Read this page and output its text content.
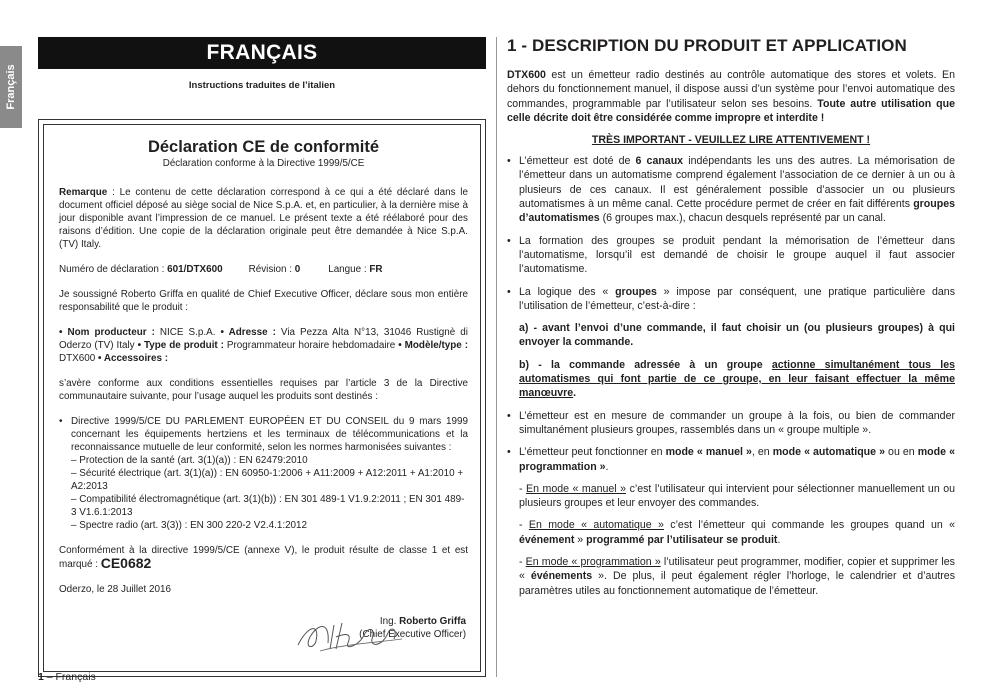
Français
FRANÇAIS
Instructions traduites de l’italien
Déclaration CE de conformité
Déclaration conforme à la Directive 1999/5/CE

Remarque : Le contenu de cette déclaration correspond à ce qui a été déclaré dans le document officiel déposé au siège social de Nice S.p.A. et, en particulier, à la dernière mise à jour disponible avant l’impression de ce manuel. Le présent texte a été réélaboré pour des raisons d’édition. Une copie de la déclaration originale peut être demandée à Nice S.p.A. (TV) Italy.

Numéro de déclaration : 601/DTX600	Révision : 0	Langue : FR

Je soussigné Roberto Griffa en qualité de Chief Executive Officer, déclare sous mon entière responsabilité que le produit :

• Nom producteur : NICE S.p.A. • Adresse : Via Pezza Alta N°13, 31046 Rustignè di Oderzo (TV) Italy • Type de produit : Programmateur horaire hebdomadaire • Modèle/type : DTX600 • Accessoires :

s’avère conforme aux conditions essentielles requises par l’article 3 de la Directive communautaire suivante, pour l’usage auquel les produits sont destinés :

• Directive 1999/5/CE DU PARLEMENT EUROPÉEN ET DU CONSEIL du 9 mars 1999 concernant les équipements hertziens et les terminaux de télécommunications et la reconnaissance mutuelle de leur conformité, selon les normes harmonisées suivantes :

– Protection de la santé (art. 3(1)(a)) : EN 62479:2010

– Sécurité électrique (art. 3(1)(a)) : EN 60950-1:2006 + A11:2009 + A12:2011 + A1:2010 + A2:2013

– Compatibilité électromagnétique (art. 3(1)(b)) : EN 301 489-1 V1.9.2:2011 ; EN 301 489-3 V1.6.1:2013

– Spectre radio (art. 3(3)) : EN 300 220-2 V2.4.1:2012

Conformément à la directive 1999/5/CE (annexe V), le produit résulte de classe 1 et est marqué : CE0682

Oderzo, le 28 Juillet 2016

Ing. Roberto Griffa
(Chief Executive Officer)
1 – Français
1 - DESCRIPTION DU PRODUIT ET APPLICATION

DTX600 est un émetteur radio destinés au contrôle automatique des stores et volets. En dehors du fonctionnement manuel, il dispose aussi d’un système pour l’envoi automatique des commandes, programmable par l’utilisateur selon ses besoins. Toute autre utilisation que celle décrite doit être considérée comme impropre et interdite !

TRÈS IMPORTANT - VEUILLEZ LIRE ATTENTIVEMENT !
• L’émetteur est doté de 6 canaux indépendants les uns des autres. La mémorisation de l’émetteur dans un automatisme comprend également l’association de ce dernier à un ou à plusieurs de ces canaux. Il est généralement possible d’associer un ou plusieurs automatismes à un même canal. Cette procédure permet de créer en fait différents groupes d’automatismes (6 groupes max.), chacun desquels représenté par un canal.

• La formation des groupes se produit pendant la mémorisation de l’émetteur dans l’automatisme, lorsqu’il est demandé de choisir le groupe auquel il faut associer l’automatisme.

• La logique des « groupes » impose par conséquent, une pratique particulière dans l’utilisation de l’émetteur, c’est-à-dire :

a) - avant l’envoi d’une commande, il faut choisir un (ou plusieurs groupes) à qui envoyer la commande.

b) - la commande adressée à un groupe actionne simultanément tous les automatismes qui font partie de ce groupe, en leur faisant effectuer la même manœuvre.

• L’émetteur est en mesure de commander un groupe à la fois, ou bien de commander simultanément plusieurs groupes, rassemblés dans un « groupe multiple ».

• L’émetteur peut fonctionner en mode « manuel », en mode « automatique » ou en mode « programmation ».

- En mode « manuel » c’est l’utilisateur qui intervient pour sélectionner manuellement un ou plusieurs groupes et leur envoyer des commandes.

- En mode « automatique » c’est l’émetteur qui commande les groupes quand un « événement » programmé par l’utilisateur se produit.

- En mode « programmation » l’utilisateur peut programmer, modifier, copier et supprimer les « événements ». De plus, il peut également régler l’horloge, le calendrier et d’autres paramètres utiles au fonctionnement automatique de l’émetteur.
